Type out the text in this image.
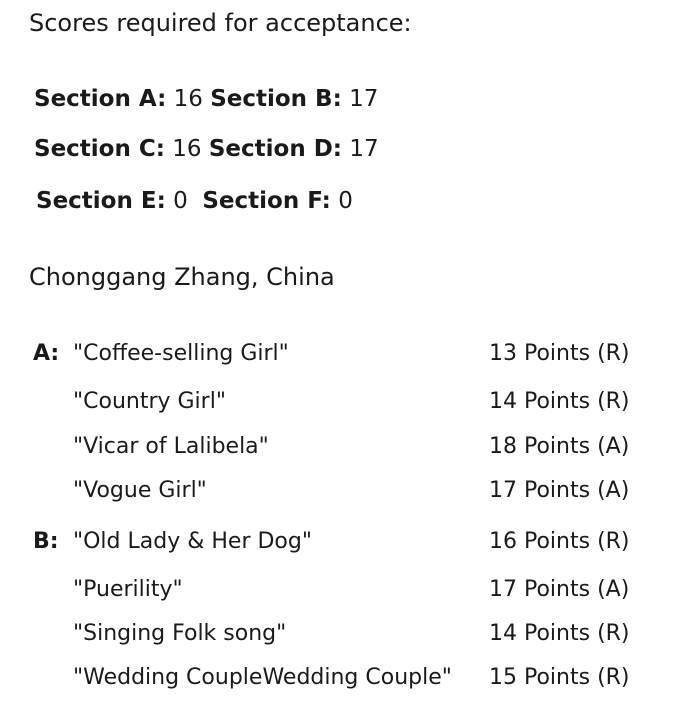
Scores required for acceptance:
Section A: 16 Section B: 17
Section C: 16 Section D: 17
Section E: 0 Section F: 0
Chonggang Zhang, China
A: "Coffee-selling Girl"	13 Points (R)
"Country Girl"	14 Points (R)
"Vicar of Lalibela"	18 Points (A)
"Vogue Girl"	17 Points (A)
B: "Old Lady & Her Dog"	16 Points (R)
"Puerility"	17 Points (A)
"Singing Folk song"	14 Points (R)
"Wedding CoupleWedding Couple" 15 Points (R)
